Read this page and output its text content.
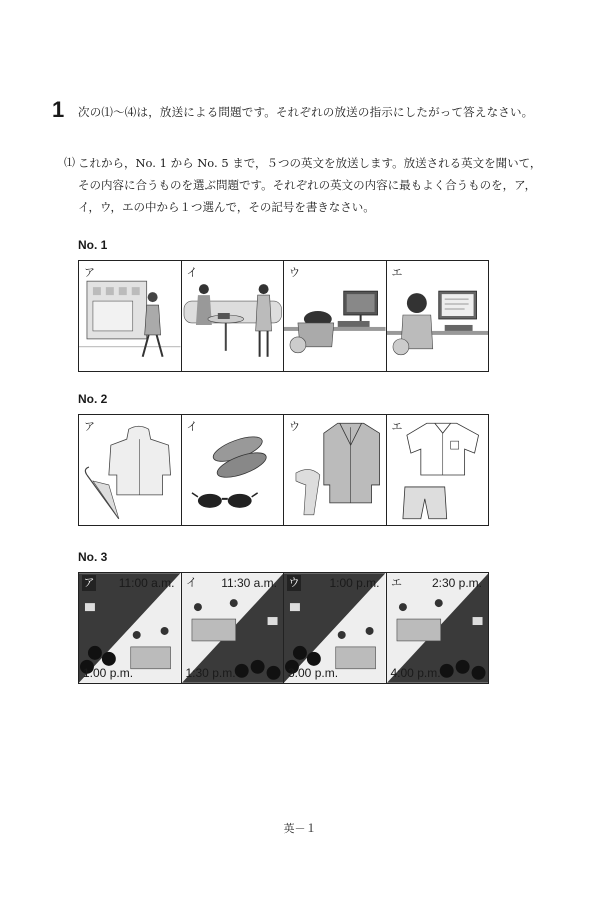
1 次の⑴～⑷は，放送による問題です。それぞれの放送の指示にしたがって答えなさい。
⑴ これから，No. 1 から No. 5 まで，５つの英文を放送します。放送される英文を聞いて，その内容に合うものを選ぶ問題です。それぞれの英文の内容に最もよく合うものを，ア，イ，ウ，エの中から１つ選んで，その記号を書きなさい。
No. 1
ア	イ	ウ	エ
No. 2
ア	イ	ウ	エ
No. 3
ア 11:00 a.m.
1:00 p.m.
イ 11:30 a.m.
1:30 p.m.
ウ 1:00 p.m.
3:00 p.m.
エ 2:30 p.m.
4:00 p.m.
英－１
